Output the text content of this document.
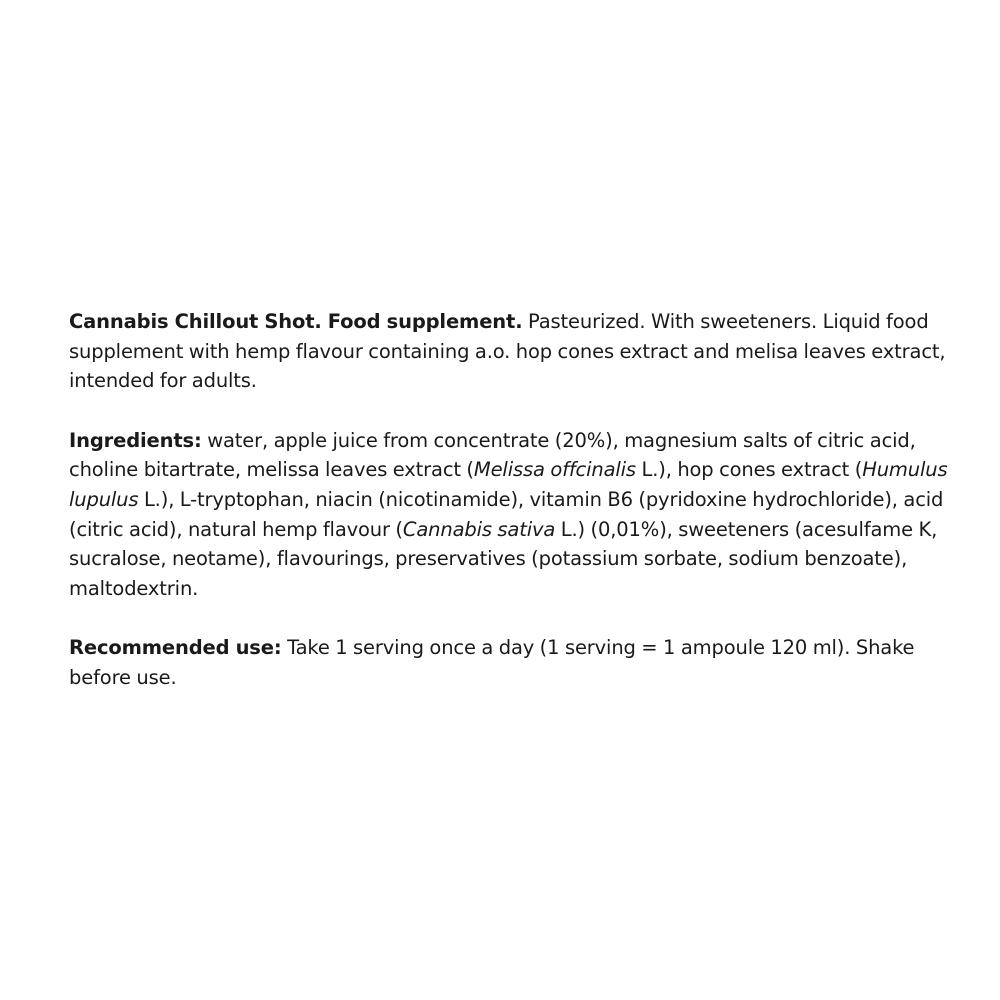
Cannabis Chillout Shot. Food supplement. Pasteurized. With sweeteners. Liquid food supplement with hemp flavour containing a.o. hop cones extract and melisa leaves extract, intended for adults.

Ingredients: water, apple juice from concentrate (20%), magnesium salts of citric acid, choline bitartrate, melissa leaves extract (Melissa offcinalis L.), hop cones extract (Humulus lupulus L.), L-tryptophan, niacin (nicotinamide), vitamin B6 (pyridoxine hydrochloride), acid (citric acid), natural hemp flavour (Cannabis sativa L.) (0,01%), sweeteners (acesulfame K, sucralose, neotame), flavourings, preservatives (potassium sorbate, sodium benzoate), maltodextrin.

Recommended use: Take 1 serving once a day (1 serving = 1 ampoule 120 ml). Shake before use.
